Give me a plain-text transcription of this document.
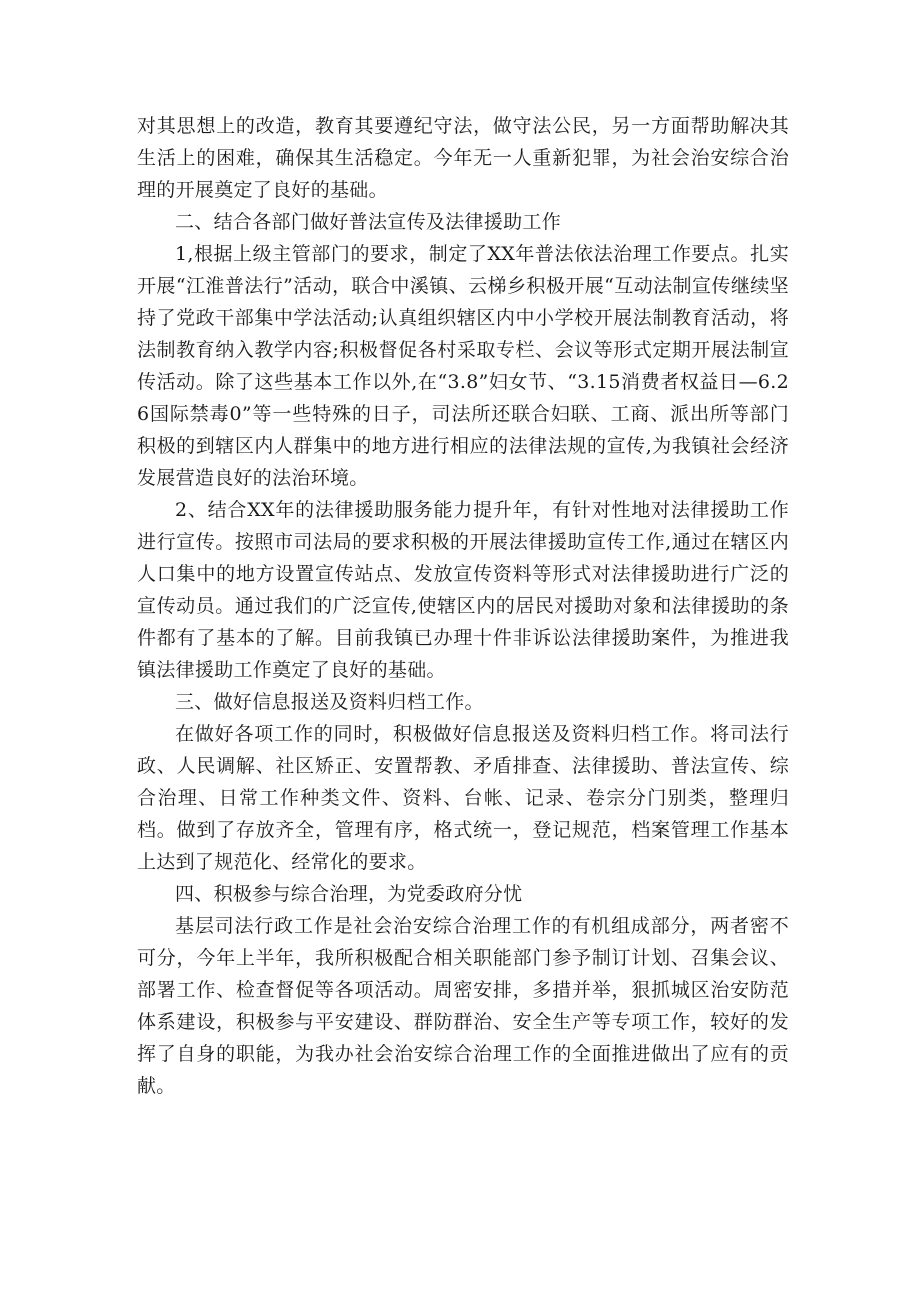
对其思想上的改造，教育其要遵纪守法，做守法公民，另一方面帮助解决其生活上的困难，确保其生活稳定。今年无一人重新犯罪，为社会治安综合治理的开展奠定了良好的基础。

二、结合各部门做好普法宣传及法律援助工作

1,根据上级主管部门的要求，制定了XX年普法依法治理工作要点。扎实开展“江淮普法行”活动，联合中溪镇、云梯乡积极开展“互动法制宣传继续坚持了党政干部集中学法活动;认真组织辖区内中小学校开展法制教育活动，将法制教育纳入教学内容;积极督促各村采取专栏、会议等形式定期开展法制宣传活动。除了这些基本工作以外,在“3.8”妇女节、“3.15消费者权益日—6.26国际禁毒0”等一些特殊的日子，司法所还联合妇联、工商、派出所等部门积极的到辖区内人群集中的地方进行相应的法律法规的宣传,为我镇社会经济发展营造良好的法治环境。

2、结合XX年的法律援助服务能力提升年，有针对性地对法律援助工作进行宣传。按照市司法局的要求积极的开展法律援助宣传工作,通过在辖区内人口集中的地方设置宣传站点、发放宣传资料等形式对法律援助进行广泛的宣传动员。通过我们的广泛宣传,使辖区内的居民对援助对象和法律援助的条件都有了基本的了解。目前我镇已办理十件非诉讼法律援助案件，为推进我镇法律援助工作奠定了良好的基础。

三、做好信息报送及资料归档工作。

在做好各项工作的同时，积极做好信息报送及资料归档工作。将司法行政、人民调解、社区矫正、安置帮教、矛盾排查、法律援助、普法宣传、综合治理、日常工作种类文件、资料、台帐、记录、卷宗分门别类，整理归档。做到了存放齐全，管理有序，格式统一，登记规范，档案管理工作基本上达到了规范化、经常化的要求。

四、积极参与综合治理，为党委政府分忧

基层司法行政工作是社会治安综合治理工作的有机组成部分，两者密不可分，今年上半年，我所积极配合相关职能部门参予制订计划、召集会议、部署工作、检查督促等各项活动。周密安排，多措并举，狠抓城区治安防范体系建设，积极参与平安建设、群防群治、安全生产等专项工作，较好的发挥了自身的职能，为我办社会治安综合治理工作的全面推进做出了应有的贡献。
